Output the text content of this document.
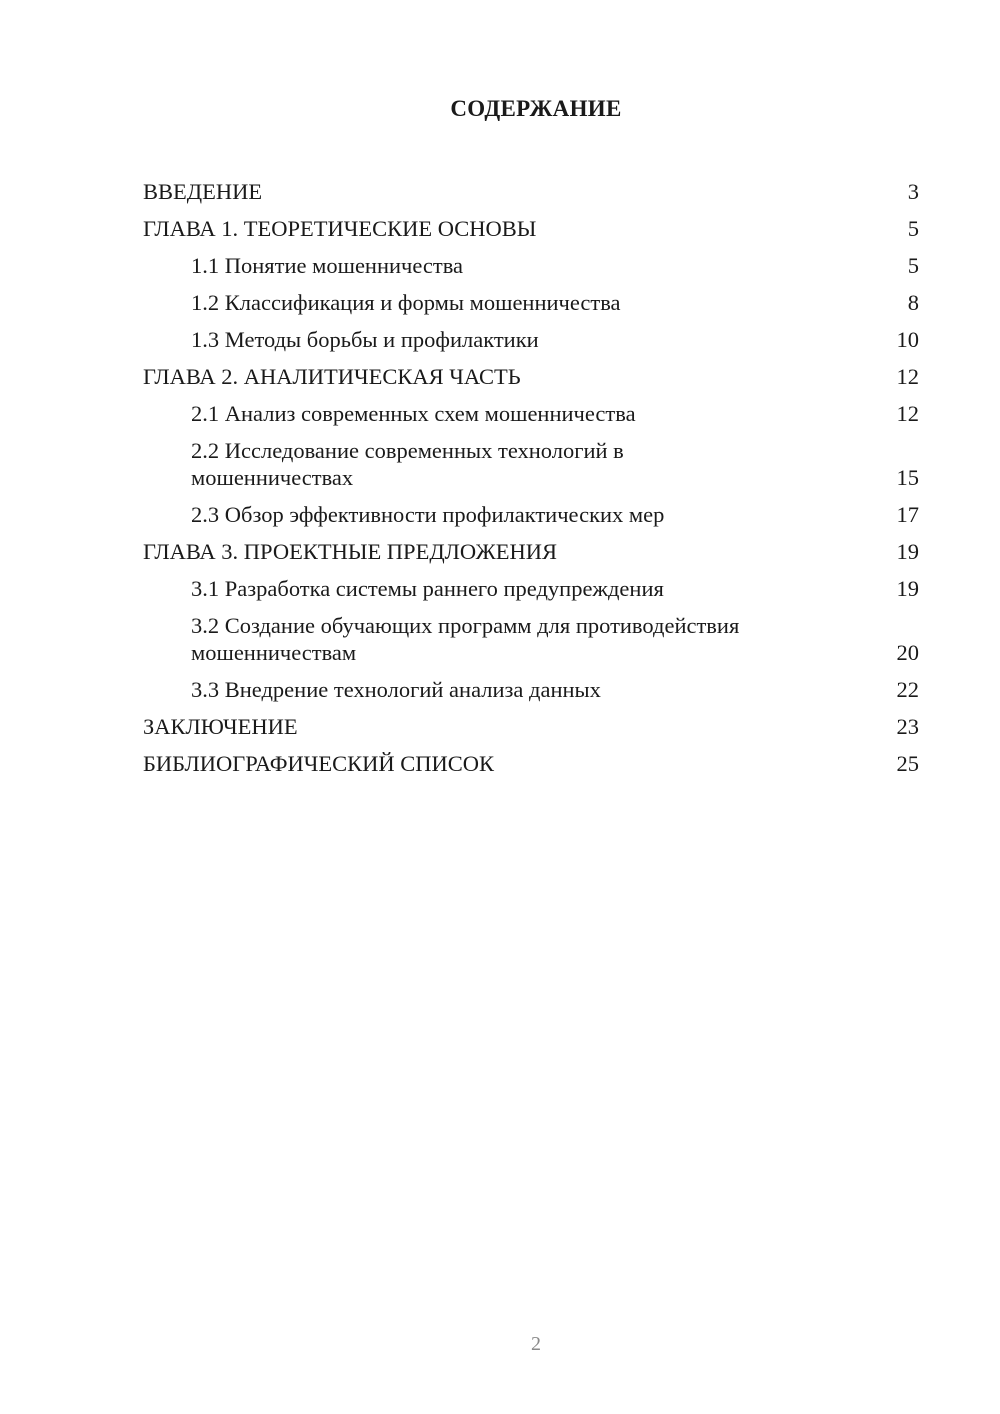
СОДЕРЖАНИЕ
ВВЕДЕНИЕ	3
ГЛАВА 1. ТЕОРЕТИЧЕСКИЕ ОСНОВЫ	5
1.1 Понятие мошенничества	5
1.2 Классификация и формы мошенничества	8
1.3 Методы борьбы и профилактики	10
ГЛАВА 2. АНАЛИТИЧЕСКАЯ ЧАСТЬ	12
2.1 Анализ современных схем мошенничества	12
2.2 Исследование современных технологий в мошенничествах	15
2.3 Обзор эффективности профилактических мер	17
ГЛАВА 3. ПРОЕКТНЫЕ ПРЕДЛОЖЕНИЯ	19
3.1 Разработка системы раннего предупреждения	19
3.2 Создание обучающих программ для противодействия мошенничествам	20
3.3 Внедрение технологий анализа данных	22
ЗАКЛЮЧЕНИЕ	23
БИБЛИОГРАФИЧЕСКИЙ СПИСОК	25
2
